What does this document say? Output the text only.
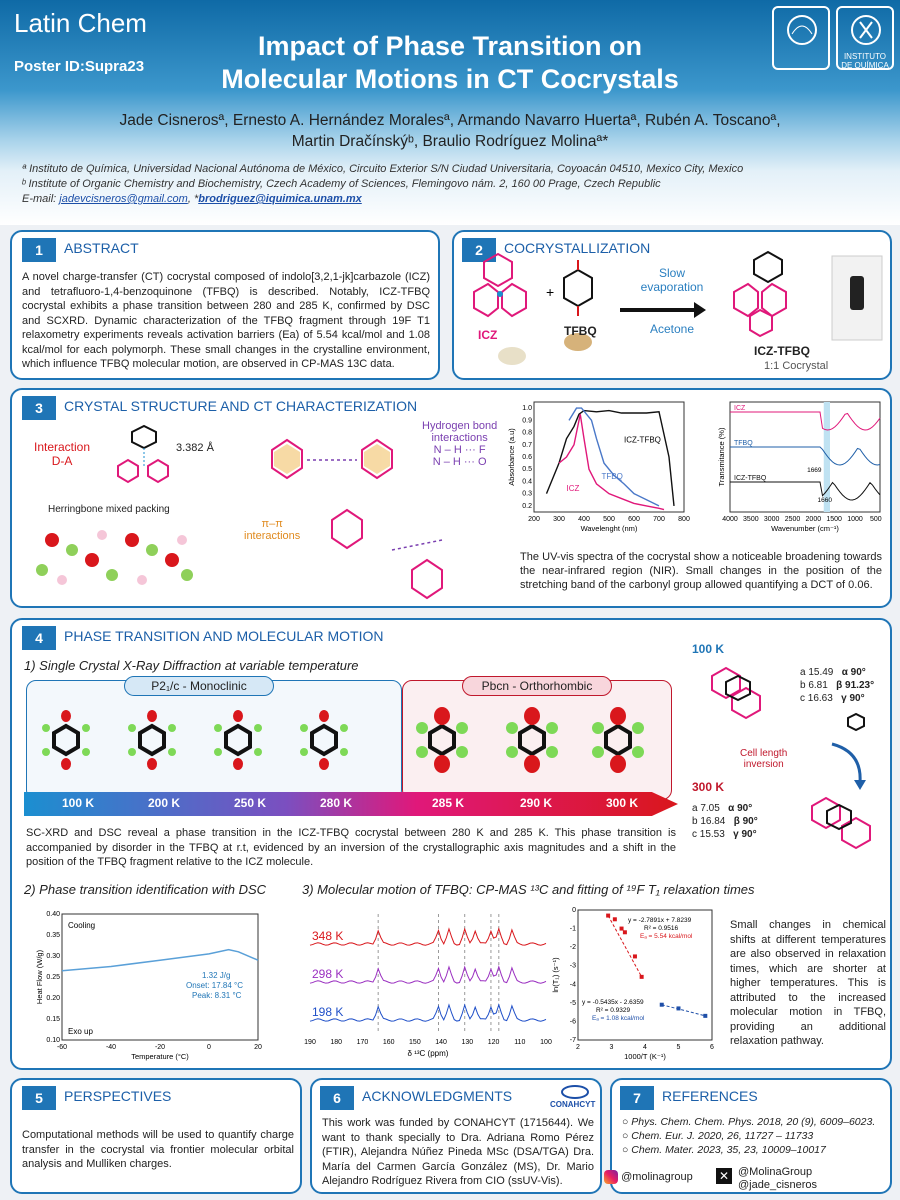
Latin Chem
Poster ID:Supra23
Impact of Phase Transition on
Molecular Motions in CT Cocrystals
INSTITUTO DE QUÍMICA
Jade Cisnerosª, Ernesto A. Hernández Moralesª, Armando Navarro Huertaª, Rubén A. Toscanoª,
Martin Dračínskýᵇ, Braulio Rodríguez Molinaª*
ª Instituto de Química, Universidad Nacional Autónoma de México, Circuito Exterior S/N Ciudad Universitaria, Coyoacán 04510, Mexico City, Mexico
ᵇ Institute of Organic Chemistry and Biochemistry, Czech Academy of Sciences, Flemingovo nám. 2, 160 00 Prage, Czech Republic
E-mail: jadevcisneros@gmail.com, *brodriguez@iquimica.unam.mx
1	ABSTRACT
A novel charge-transfer (CT) cocrystal composed of indolo[3,2,1-jk]carbazole (ICZ) and tetrafluoro-1,4-benzoquinone (TFBQ) is described. Notably, ICZ-TFBQ cocrystal exhibits a phase transition between 280 and 285 K, confirmed by DSC and SCXRD. Dynamic characterization of the TFBQ fragment through 19F T1 relaxometry experiments reveals activation barriers (Ea) of 5.54 kcal/mol and 1.08 kcal/mol for each polymorph. These small changes in the crystalline environment, which influence TFBQ molecular motion, are observed in CP-MAS 13C data.
2	COCRYSTALLIZATION
+
ICZ	TFBQ
Slow
evaporation
Acetone
ICZ-TFBQ
1:1 Cocrystal
3	CRYSTAL STRUCTURE AND CT CHARACTERIZATION
Interaction
D-A
3.382 Å
Herringbone mixed packing
Hydrogen bond
interactions
N – H ··· F
N – H ··· O
π–π
interactions
200 300 400 500 600 700 800
0.2
0.3
0.4
0.5
0.6
0.7
0.8
0.9
1.0
Wavelenght (nm)
Absorbance (a.u)	ICZ-TFBQ
TFBQ
ICZ
4000 3500 3000 2500 2000 1500 1000 500
Wavenumber (cm⁻¹)
Transmitance (%)
ICZ
TFBQ
ICZ-TFBQ
1669
1660
The UV-vis spectra of the cocrystal show a noticeable broadening towards the near-infrared region (NIR). Small changes in the position of the stretching band of the carbonyl group allowed quantifying a DCT of 0.06.
4	PHASE TRANSITION AND MOLECULAR MOTION
1) Single Crystal X-Ray Diffraction at variable temperature
P2₁/c - Monoclinic	Pbcn - Orthorhombic
100 K	200 K	250 K	280 K	285 K	290 K	300 K
SC-XRD and DSC reveal a phase transition in the ICZ-TFBQ cocrystal between 280 K and 285 K. This phase transition is accompanied by disorder in the TFBQ at r.t, evidenced by an inversion of the crystallographic axis magnitudes and a shift in the position of the TFBQ fragment relative to the ICZ molecule.
100 K
300 K
a 15.49 α 90°
b 6.81 β 91.23°
c 16.63 γ 90°
a 7.05 α 90°
b 16.84 β 90°
c 15.53 γ 90°
Cell length
inversion
2) Phase transition identification with DSC	3) Molecular motion of TFBQ: CP-MAS ¹³C and fitting of ¹⁹F T₁ relaxation times
-60	-40	-20	0	20
0.10
0.15
0.20
0.25
0.30
0.35
0.40
Temperature (°C)
Heat Flow (W/g)
Cooling
Exo up
1.32 J/g
Onset: 17.84 °C
Peak: 8.31 °C
190 180 170 160 150 140 130 120 110 100
δ ¹³C (ppm)
348 K
298 K
198 K
2	3	4	5	6
0
-1
-2
-3
-4
-5
-6
-7
1000/T (K⁻¹)
ln(T₁) (s⁻¹)
y = -2.7891x + 7.8239
R² = 0.9516
Eₐ = 5.54 kcal/mol
y = -0.5435x - 2.6359
R² = 0.9329
Eₐ = 1.08 kcal/mol
Small changes in chemical shifts at different temperatures are also observed in relaxation times, which are shorter at higher temperatures. This is attributed to the increased molecular motion in TFBQ, providing an additional relaxation pathway.
5	PERSPECTIVES
Computational methods will be used to quantify charge transfer in the cocrystal via frontier molecular orbital analysis and Mulliken charges.
6	ACKNOWLEDGMENTS
CONAHCYT
This work was funded by CONAHCYT (1715644). We want to thank specially to Dra. Adriana Romo Pérez (FTIR), Alejandra Núñez Pineda MSc (DSA/TGA) Dra. María del Carmen García González (MS), Dr. Mario Alejandro Rodríguez Rivera from CIO (ssUV-Vis).
7	REFERENCES
○ Phys. Chem. Chem. Phys. 2018, 20 (9), 6009–6023.
○ Chem. Eur. J. 2020, 26, 11727 – 11733
○ Chem. Mater. 2023, 35, 23, 10009–10017
@molinagroup ✕ @MolinaGroup
@jade_cisneros
